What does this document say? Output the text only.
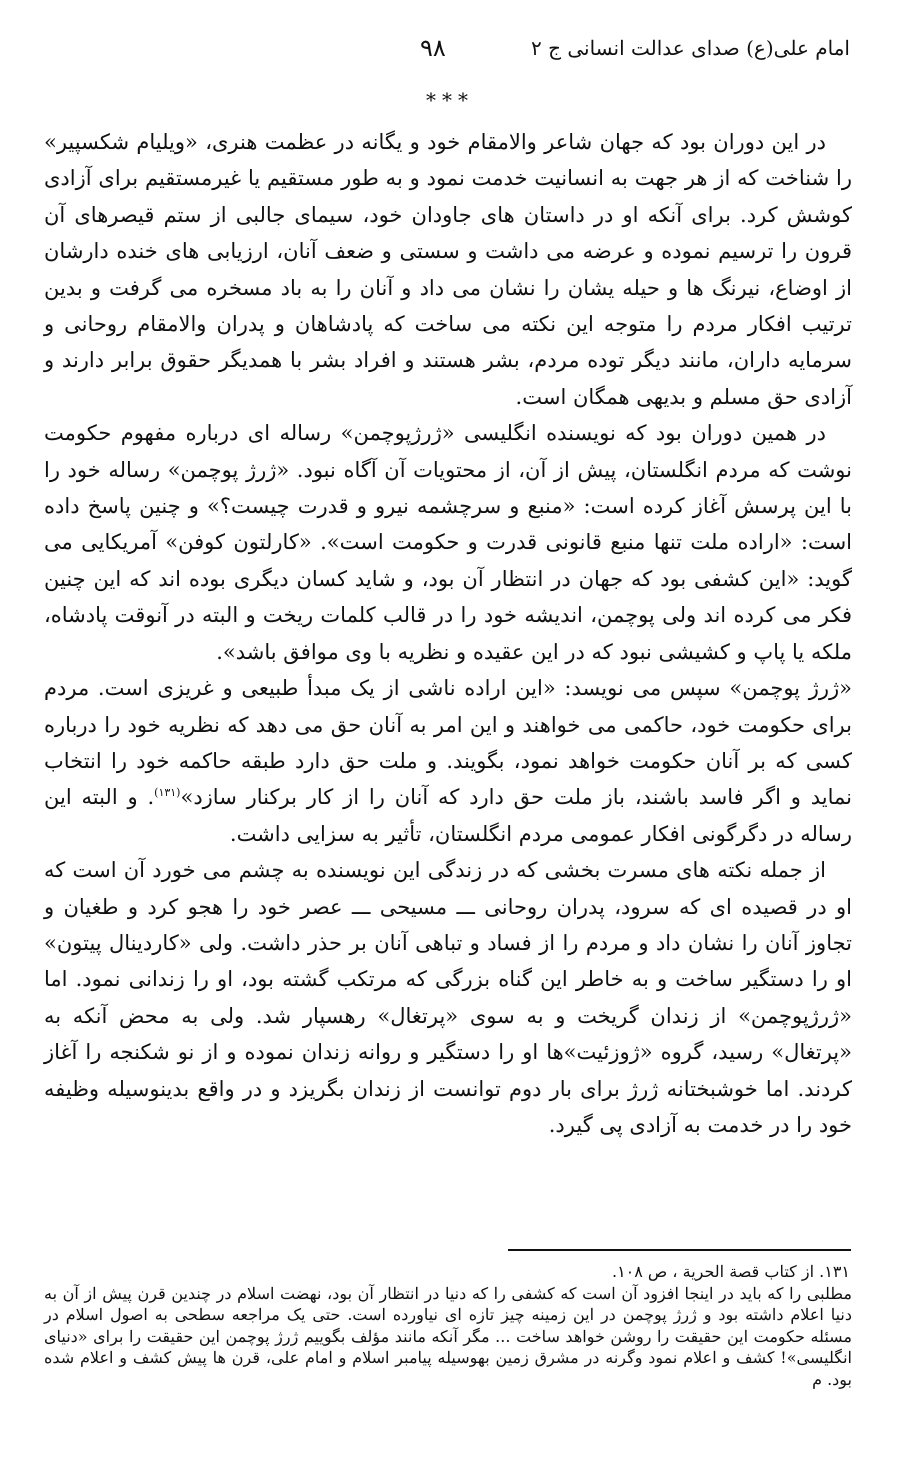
امام علی(ع) صدای عدالت انسانی ج ۲
۹۸
***

در این دوران بود که جهان شاعر والامقام خود و یگانه در عظمت هنری، «ویلیام شکسپیر» را شناخت که از هر جهت به انسانیت خدمت نمود و به طور مستقیم یا غیرمستقیم برای آزادی کوشش کرد. برای آنکه او در داستان های جاودان خود، سیمای جالبی از ستم قیصرهای آن قرون را ترسیم نموده و عرضه می داشت و سستی و ضعف آنان، ارزیابی های خنده دارشان از اوضاع، نیرنگ ها و حیله یشان را نشان می داد و آنان را به باد مسخره می گرفت و بدین ترتیب افکار مردم را متوجه این نکته می ساخت که پادشاهان و پدران والامقام روحانی و سرمایه داران، مانند دیگر توده مردم، بشر هستند و افراد بشر با همدیگر حقوق برابر دارند و آزادی حق مسلم و بدیهی همگان است.

در همین دوران بود که نویسنده انگلیسی «ژرژپوچمن» رساله ای درباره مفهوم حکومت نوشت که مردم انگلستان، پیش از آن، از محتویات آن آگاه نبود. «ژرژ پوچمن» رساله خود را با این پرسش آغاز کرده است: «منبع و سرچشمه نیرو و قدرت چیست؟» و چنین پاسخ داده است: «اراده ملت تنها منبع قانونی قدرت و حکومت است». «کارلتون کوفن» آمریکایی می گوید: «این کشفی بود که جهان در انتظار آن بود، و شاید کسان دیگری بوده اند که این چنین فکر می کرده اند ولی پوچمن، اندیشه خود را در قالب کلمات ریخت و البته در آنوقت پادشاه، ملکه یا پاپ و کشیشی نبود که در این عقیده و نظریه با وی موافق باشد».

«ژرژ پوچمن» سپس می نویسد: «این اراده ناشی از یک مبدأ طبیعی و غریزی است. مردم برای حکومت خود، حاکمی می خواهند و این امر به آنان حق می دهد که نظریه خود را درباره کسی که بر آنان حکومت خواهد نمود، بگویند. و ملت حق دارد طبقه حاکمه خود را انتخاب نماید و اگر فاسد باشند، باز ملت حق دارد که آنان را از کار برکنار سازد»$^{(۱۳۱)}$. و البته این رساله در دگرگونی افکار عمومی مردم انگلستان، تأثیر به سزایی داشت.

از جمله نکته های مسرت بخشی که در زندگی این نویسنده به چشم می خورد آن است که او در قصیده ای که سرود، پدران روحانی ـــ مسیحی ـــ عصر خود را هجو کرد و طغیان و تجاوز آنان را نشان داد و مردم را از فساد و تباهی آنان بر حذر داشت. ولی «کاردینال پیتون» او را دستگیر ساخت و به خاطر این گناه بزرگی که مرتکب گشته بود، او را زندانی نمود. اما «ژرژپوچمن» از زندان گریخت و به سوی «پرتغال» رهسپار شد. ولی به محض آنکه به «پرتغال» رسید، گروه «ژوزئیت»ها او را دستگیر و روانه زندان نموده و از نو شکنجه را آغاز کردند. اما خوشبختانه ژرژ برای بار دوم توانست از زندان بگریزد و در واقع بدینوسیله وظیفه خود را در خدمت به آزادی پی گیرد.

۱۳۱. از کتاب قصة الحرية ، ص ۱۰۸.

مطلبی را که باید در اینجا افزود آن است که کشفی را که دنیا در انتظار آن بود، نهضت اسلام در چندین قرن پیش از آن به دنیا اعلام داشته بود و ژرژ پوچمن در این زمینه چیز تازه ای نیاورده است. حتی یک مراجعه سطحی به اصول اسلام در مسئله حکومت این حقیقت را روشن خواهد ساخت ... مگر آنکه مانند مؤلف بگوییم ژرژ پوچمن این حقیقت را برای «دنیای انگلیسی»! کشف و اعلام نمود وگرنه در مشرق زمین بهوسیله پیامبر اسلام و امام علی، قرن ها پیش کشف و اعلام شده بود. م
